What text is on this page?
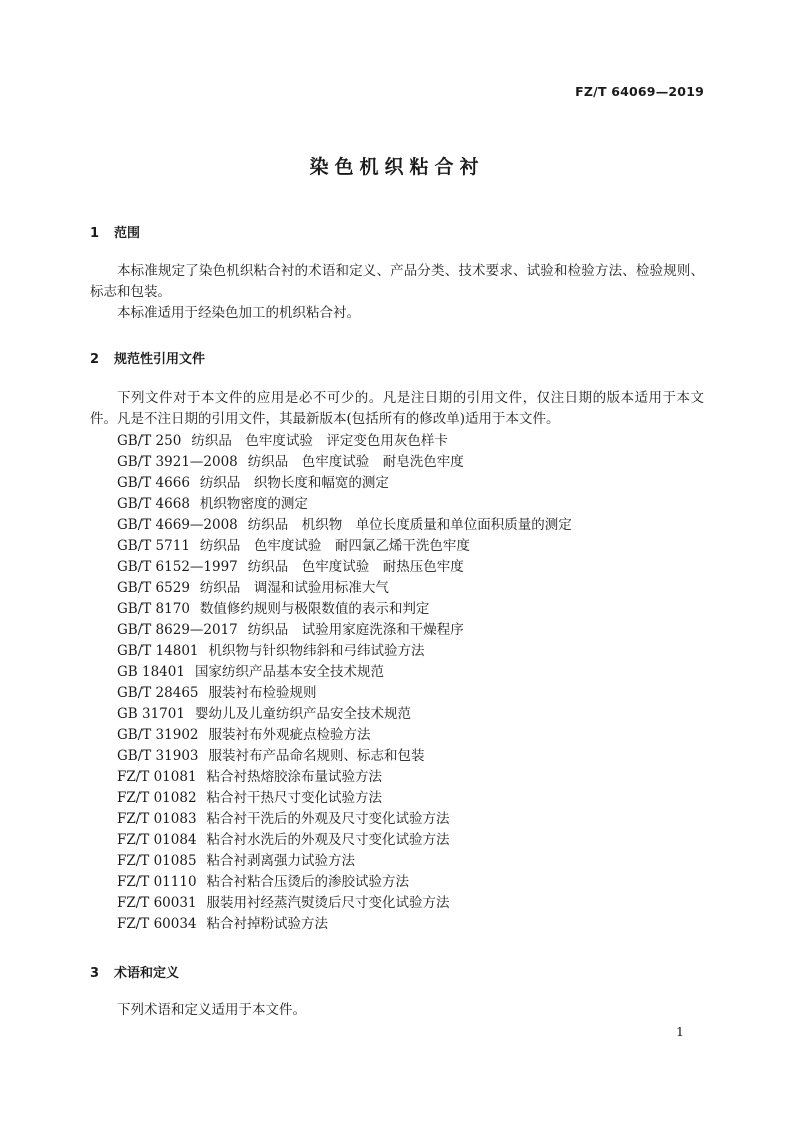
FZ/T 64069—2019
染色机织粘合衬
1 范围
本标准规定了染色机织粘合衬的术语和定义、产品分类、技术要求、试验和检验方法、检验规则、标志和包装。
本标准适用于经染色加工的机织粘合衬。
2 规范性引用文件
下列文件对于本文件的应用是必不可少的。凡是注日期的引用文件，仅注日期的版本适用于本文件。凡是不注日期的引用文件，其最新版本(包括所有的修改单)适用于本文件。
GB/T 250 纺织品　色牢度试验　评定变色用灰色样卡
GB/T 3921—2008 纺织品　色牢度试验　耐皂洗色牢度
GB/T 4666 纺织品　织物长度和幅宽的测定
GB/T 4668 机织物密度的测定
GB/T 4669—2008 纺织品　机织物　单位长度质量和单位面积质量的测定
GB/T 5711 纺织品　色牢度试验　耐四氯乙烯干洗色牢度
GB/T 6152—1997 纺织品　色牢度试验　耐热压色牢度
GB/T 6529 纺织品　调湿和试验用标准大气
GB/T 8170 数值修约规则与极限数值的表示和判定
GB/T 8629—2017 纺织品　试验用家庭洗涤和干燥程序
GB/T 14801 机织物与针织物纬斜和弓纬试验方法
GB 18401 国家纺织产品基本安全技术规范
GB/T 28465 服装衬布检验规则
GB 31701 婴幼儿及儿童纺织产品安全技术规范
GB/T 31902 服装衬布外观疵点检验方法
GB/T 31903 服装衬布产品命名规则、标志和包装
FZ/T 01081 粘合衬热熔胶涂布量试验方法
FZ/T 01082 粘合衬干热尺寸变化试验方法
FZ/T 01083 粘合衬干洗后的外观及尺寸变化试验方法
FZ/T 01084 粘合衬水洗后的外观及尺寸变化试验方法
FZ/T 01085 粘合衬剥离强力试验方法
FZ/T 01110 粘合衬粘合压烫后的渗胶试验方法
FZ/T 60031 服装用衬经蒸汽熨烫后尺寸变化试验方法
FZ/T 60034 粘合衬掉粉试验方法
3 术语和定义
下列术语和定义适用于本文件。
1
